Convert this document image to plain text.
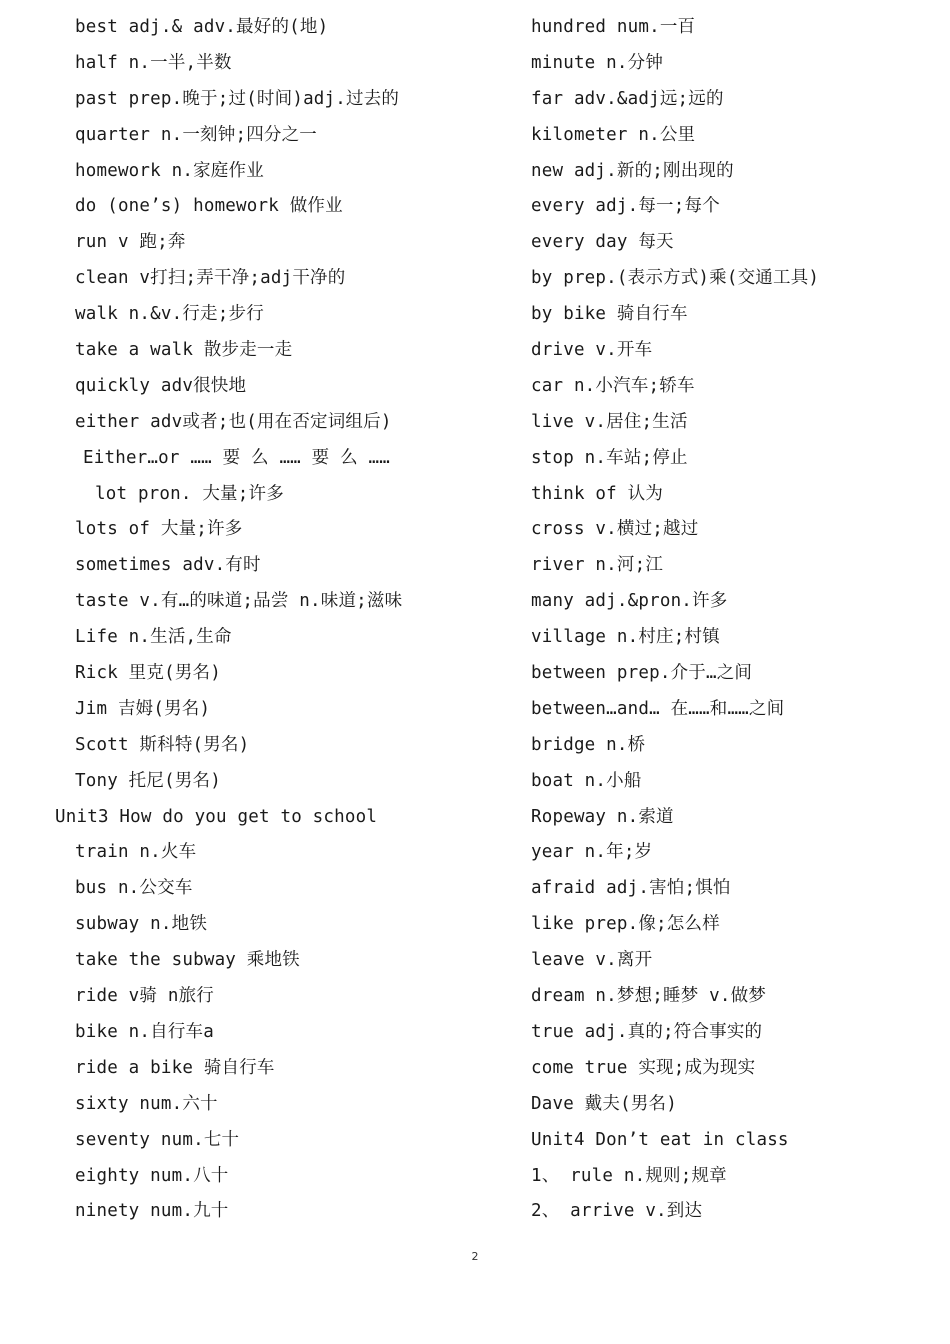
best adj.& adv.最好的(地)
half n.一半,半数
past prep.晚于;过(时间)adj.过去的
quarter n.一刻钟;四分之一
homework n.家庭作业
do (one’s) homework 做作业
run v 跑;奔
clean v打扫;弄干净;adj干净的
walk n.&v.行走;步行
take a walk 散步走一走
quickly adv很快地
either adv或者;也(用在否定词组后)
Either…or …… 要 么 …… 要 么 ……
lot pron. 大量;许多
lots of 大量;许多
sometimes adv.有时
taste v.有…的味道;品尝 n.味道;滋味
Life n.生活,生命
Rick 里克(男名)
Jim 吉姆(男名)
Scott 斯科特(男名)
Tony 托尼(男名)
Unit3 How do you get to school
train n.火车
bus n.公交车
subway n.地铁
take the subway 乘地铁
ride v骑 n旅行
bike n.自行车a
ride a bike 骑自行车
sixty num.六十
seventy num.七十
eighty num.八十
ninety num.九十
hundred num.一百
minute n.分钟
far adv.&adj远;远的
kilometer n.公里
new adj.新的;刚出现的
every adj.每一;每个
every day 每天
by prep.(表示方式)乘(交通工具)
by bike 骑自行车
drive v.开车
car n.小汽车;轿车
live v.居住;生活
stop n.车站;停止
think of 认为
cross v.横过;越过
river n.河;江
many adj.&pron.许多
village n.村庄;村镇
between prep.介于…之间
between…and… 在……和……之间
bridge n.桥
boat n.小船
Ropeway n.索道
year n.年;岁
afraid adj.害怕;惧怕
like prep.像;怎么样
leave v.离开
dream n.梦想;睡梦 v.做梦
true adj.真的;符合事实的
come true 实现;成为现实
Dave 戴夫(男名)
Unit4 Don’t eat in class
1、 rule n.规则;规章
2、 arrive v.到达
2
